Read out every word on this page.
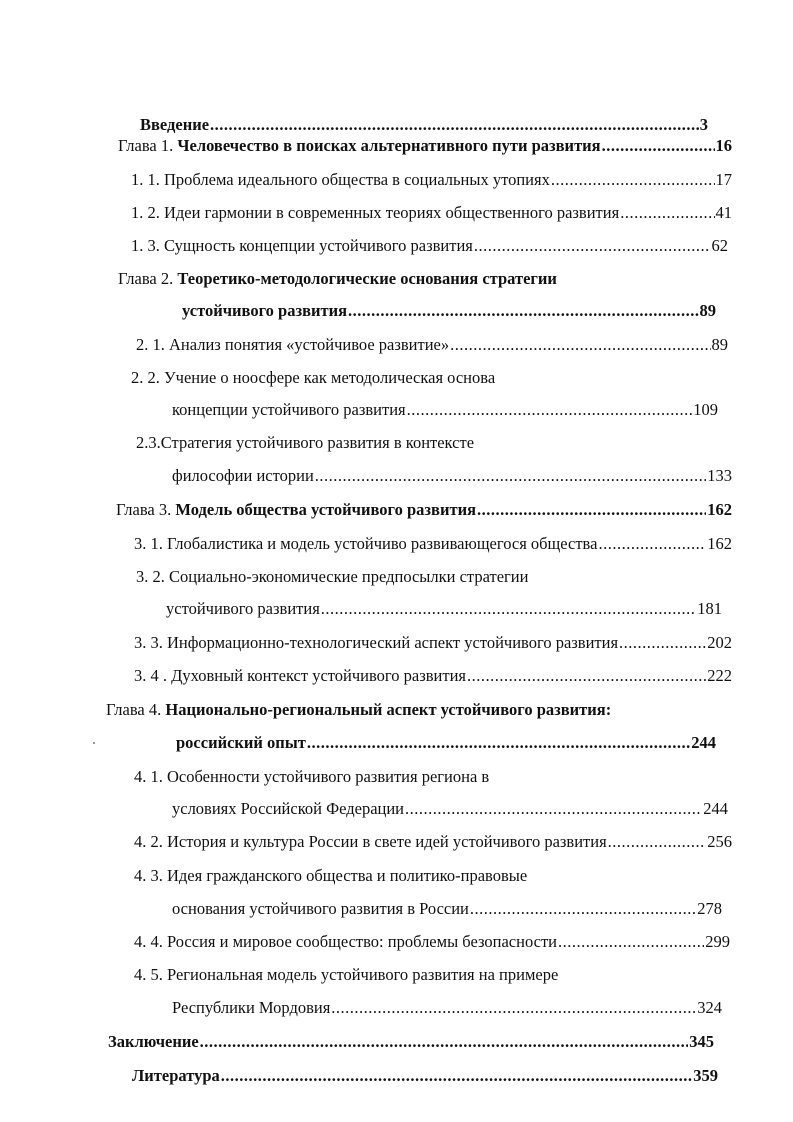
Введение .....	3
Глава 1. Человечество в поисках альтернативного пути развития .....	16
1. 1. Проблема идеального общества в социальных утопиях .....	17
1. 2. Идеи гармонии в современных теориях общественного развития .....	41
1. 3. Сущность концепции устойчивого развития .....	62
Глава 2. Теоретико-методологические основания стратегии
устойчивого развития .....	89
2. 1. Анализ понятия «устойчивое развитие» .....	89
2. 2. Учение о ноосфере как методолическая основа
концепции устойчивого развития .....	109
2.3.Стратегия устойчивого развития в контексте
философии истории .....	133
Глава 3. Модель общества устойчивого развития .....	162
3. 1. Глобалистика и модель устойчиво развивающегося общества .....	162
3. 2. Социально-экономические предпосылки стратегии
устойчивого развития .....	181
3. 3. Информационно-технологический аспект устойчивого развития .....	202
3. 4 . Духовный контекст устойчивого развития .....	222
Глава 4. Национально-региональный аспект устойчивого развития:
российский опыт .....	244
4. 1. Особенности устойчивого развития региона в
условиях Российской Федерации .....	244
4. 2. История и культура России в свете идей устойчивого развития .....	256
4. 3. Идея гражданского общества и политико-правовые
основания устойчивого развития в России .....	278
4. 4. Россия и мировое сообщество: проблемы безопасности .....	299
4. 5. Региональная модель устойчивого развития на примере
Республики Мордовия .....	324
Заключение .....	345
Литература .....	359
